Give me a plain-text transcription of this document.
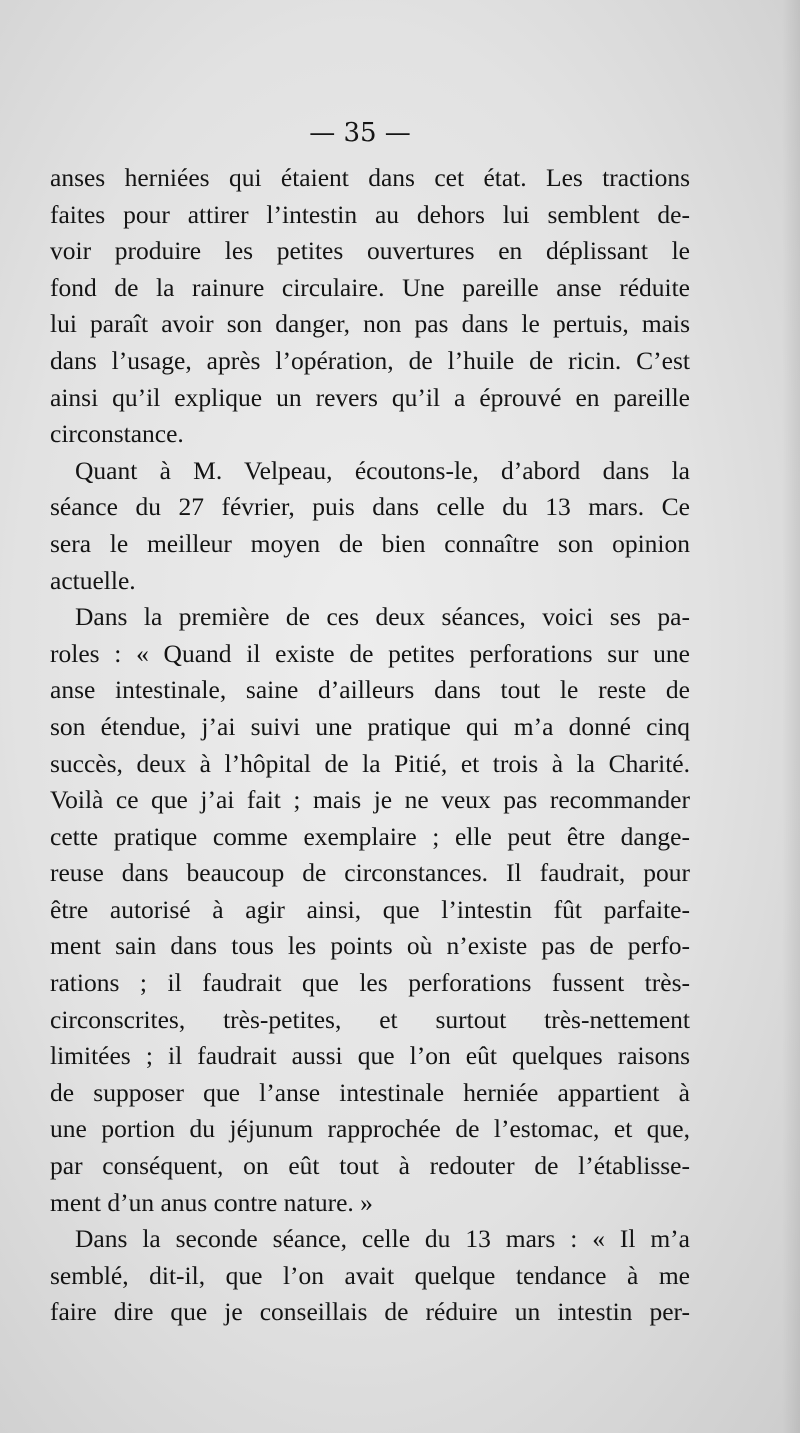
— 35 —
anses herniées qui étaient dans cet état. Les tractions
faites pour attirer l’intestin au dehors lui semblent de-
voir produire les petites ouvertures en déplissant le
fond de la rainure circulaire. Une pareille anse réduite
lui paraît avoir son danger, non pas dans le pertuis, mais
dans l’usage, après l’opération, de l’huile de ricin. C’est
ainsi qu’il explique un revers qu’il a éprouvé en pareille
circonstance.
Quant à M. Velpeau, écoutons-le, d’abord dans la
séance du 27 février, puis dans celle du 13 mars. Ce
sera le meilleur moyen de bien connaître son opinion
actuelle.
Dans la première de ces deux séances, voici ses pa-
roles : « Quand il existe de petites perforations sur une
anse intestinale, saine d’ailleurs dans tout le reste de
son étendue, j’ai suivi une pratique qui m’a donné cinq
succès, deux à l’hôpital de la Pitié, et trois à la Charité.
Voilà ce que j’ai fait ; mais je ne veux pas recommander
cette pratique comme exemplaire ; elle peut être dange-
reuse dans beaucoup de circonstances. Il faudrait, pour
être autorisé à agir ainsi, que l’intestin fût parfaite-
ment sain dans tous les points où n’existe pas de perfo-
rations ; il faudrait que les perforations fussent très-
circonscrites, très-petites, et surtout très-nettement
limitées ; il faudrait aussi que l’on eût quelques raisons
de supposer que l’anse intestinale herniée appartient à
une portion du jéjunum rapprochée de l’estomac, et que,
par conséquent, on eût tout à redouter de l’établisse-
ment d’un anus contre nature. »
Dans la seconde séance, celle du 13 mars : « Il m’a
semblé, dit-il, que l’on avait quelque tendance à me
faire dire que je conseillais de réduire un intestin per-
